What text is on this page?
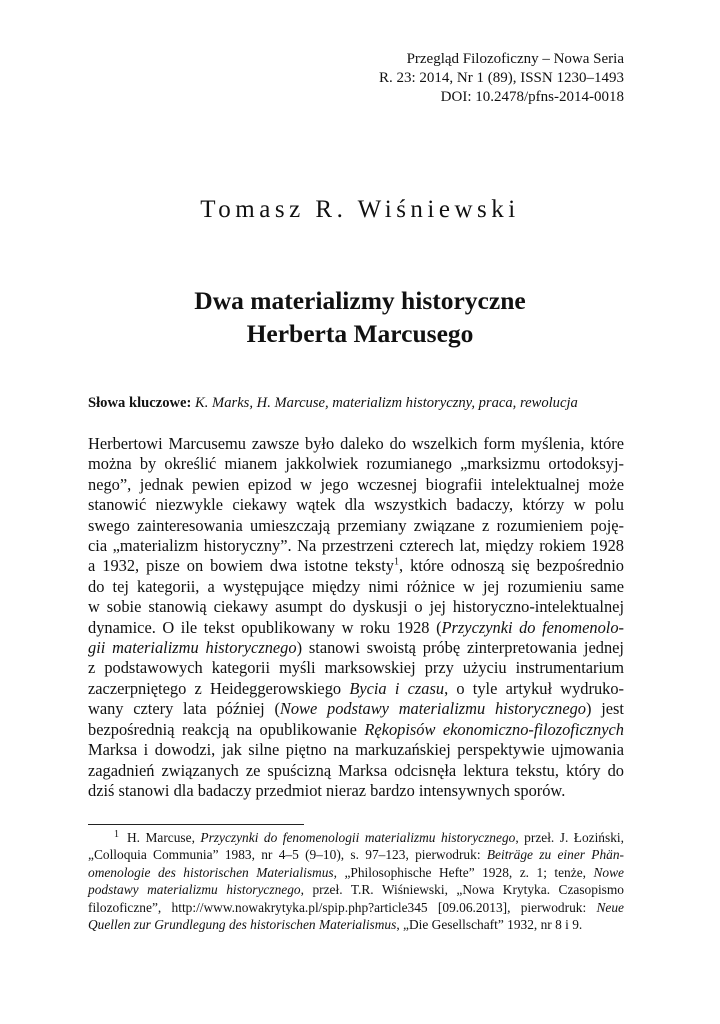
Przegląd Filozoficzny – Nowa Seria
R. 23: 2014, Nr 1 (89), ISSN 1230–1493
DOI: 10.2478/pfns-2014-0018
Tomasz R. Wiśniewski
Dwa materializmy historyczne
Herberta Marcusego
Słowa kluczowe: K. Marks, H. Marcuse, materializm historyczny, praca, rewolucja
Herbertowi Marcusemu zawsze było daleko do wszelkich form myślenia, które
można by określić mianem jakkolwiek rozumianego „marksizmu ortodoksyj-
nego”, jednak pewien epizod w jego wczesnej biografii intelektualnej może
stanowić niezwykle ciekawy wątek dla wszystkich badaczy, którzy w polu
swego zainteresowania umieszczają przemiany związane z rozumieniem poję-
cia „materializm historyczny”. Na przestrzeni czterech lat, między rokiem 1928
a 1932, pisze on bowiem dwa istotne teksty$^1$, które odnoszą się bezpośrednio
do tej kategorii, a występujące między nimi różnice w jej rozumieniu same
w sobie stanowią ciekawy asumpt do dyskusji o jej historyczno-intelektualnej
dynamice. O ile tekst opublikowany w roku 1928 (Przyczynki do fenomenolo-
gii materializmu historycznego) stanowi swoistą próbę zinterpretowania jednej
z podstawowych kategorii myśli marksowskiej przy użyciu instrumentarium
zaczerpniętego z Heideggerowskiego Bycia i czasu, o tyle artykuł wydruko-
wany cztery lata później (Nowe podstawy materializmu historycznego) jest
bezpośrednią reakcją na opublikowanie Rękopisów ekonomiczno-filozoficznych
Marksa i dowodzi, jak silne piętno na markuzańskiej perspektywie ujmowania
zagadnień związanych ze spuścizną Marksa odcisnęła lektura tekstu, który do
dziś stanowi dla badaczy przedmiot nieraz bardzo intensywnych sporów.
$^1$ H. Marcuse, Przyczynki do fenomenologii materializmu historycznego, przeł. J. Łoziński,
„Colloquia Communia” 1983, nr 4–5 (9–10), s. 97–123, pierwodruk: Beiträge zu einer Phän-
omenologie des historischen Materialismus, „Philosophische Hefte” 1928, z. 1; tenże, Nowe
podstawy materializmu historycznego, przeł. T.R. Wiśniewski, „Nowa Krytyka. Czasopismo
filozoficzne”, http://www.nowakrytyka.pl/spip.php?article345 [09.06.2013], pierwodruk: Neue
Quellen zur Grundlegung des historischen Materialismus, „Die Gesellschaft” 1932, nr 8 i 9.
